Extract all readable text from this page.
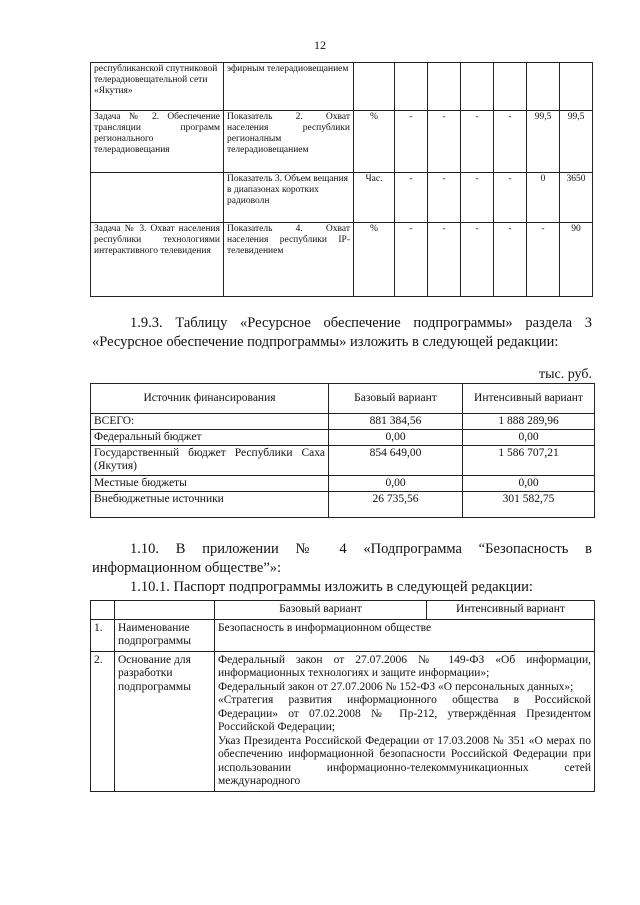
12
республиканской спутниковой телерадиовещательной сети «Якутия»	эфирным телерадиовещанием							
Задача № 2. Обеспечение трансляции программ регионального телерадиовещания	Показатель 2. Охват населения республики регионалным телерадиовещанием	%	-	-	-	-	99,5	99,5
	Показатель 3. Объем вещания в диапазонах коротких радиоволн	Час.	-	-	-	-	0	3650
Задача № 3. Охват населения республики технологиями интерактивного телевидения	Показатель 4. Охват населения республики IP-телевидением	%	-	-	-	-	-	90
1.9.3. Таблицу «Ресурсное обеспечение подпрограммы» раздела 3 «Ресурсное обеспечение подпрограммы» изложить в следующей редакции:
тыс. руб.
Источник финансирования	Базовый вариант	Интенсивный вариант
ВСЕГО:	881 384,56	1 888 289,96
Федеральный бюджет	0,00	0,00
Государственный бюджет Республики Саха (Якутия)	854 649,00	1 586 707,21
Местные бюджеты	0,00	0,00
Внебюджетные источники	26 735,56	301 582,75
1.10. В приложении № 4 «Подпрограмма “Безопасность в информационном обществе”»:
1.10.1. Паспорт подпрограммы изложить в следующей редакции:
		Базовый вариант	Интенсивный вариант
1.	Наименование подпрограммы	Безопасность в информационном обществе	
2.	Основание для разработки подпрограммы	Федеральный закон от 27.07.2006 № 149-ФЗ «Об информации, информационных технологиях и защите информации»;
Федеральный закон от 27.07.2006 № 152-ФЗ «О персональных данных»;
«Стратегия развития информационного общества в Российской Федерации» от 07.02.2008 № Пр-212, утверждённая Президентом Российской Федерации;
Указ Президента Российской Федерации от 17.03.2008 № 351 «О мерах по обеспечению информационной безопасности Российской Федерации при использовании информационно-телекоммуникационных сетей международного	
